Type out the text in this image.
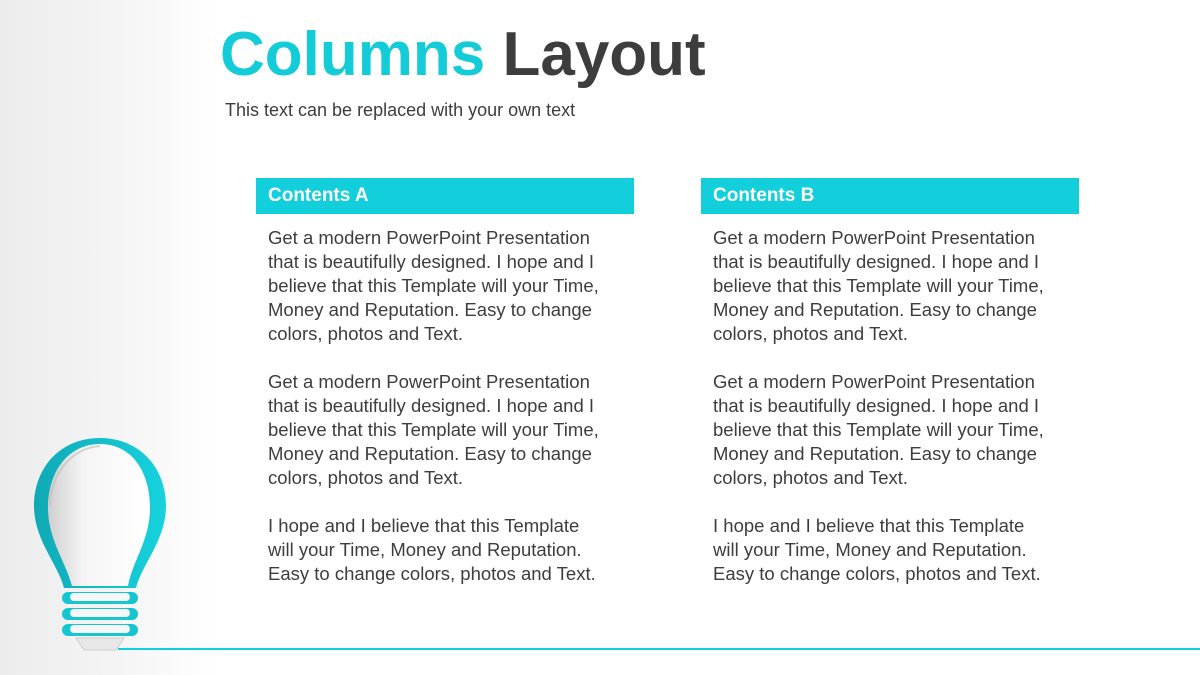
Columns Layout
This text can be replaced with your own text
Contents A

Get a modern PowerPoint Presentation
that is beautifully designed. I hope and I
believe that this Template will your Time,
Money and Reputation. Easy to change
colors, photos and Text.

Get a modern PowerPoint Presentation
that is beautifully designed. I hope and I
believe that this Template will your Time,
Money and Reputation. Easy to change
colors, photos and Text.

I hope and I believe that this Template
will your Time, Money and Reputation.
Easy to change colors, photos and Text.

Contents B

Get a modern PowerPoint Presentation
that is beautifully designed. I hope and I
believe that this Template will your Time,
Money and Reputation. Easy to change
colors, photos and Text.

Get a modern PowerPoint Presentation
that is beautifully designed. I hope and I
believe that this Template will your Time,
Money and Reputation. Easy to change
colors, photos and Text.

I hope and I believe that this Template
will your Time, Money and Reputation.
Easy to change colors, photos and Text.
